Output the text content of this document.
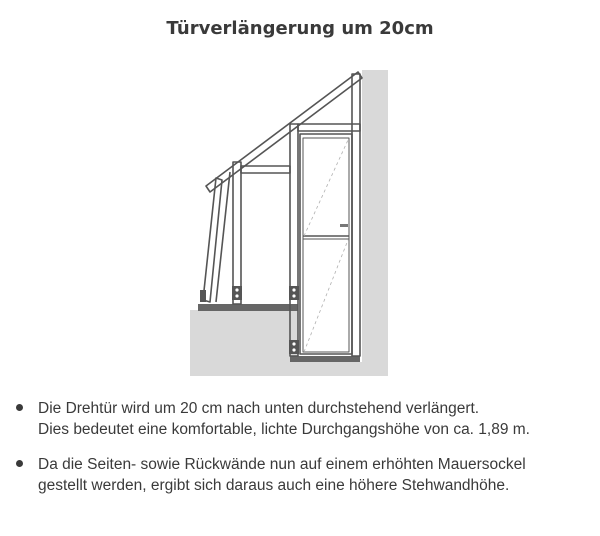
Türverlängerung um 20cm
Die Drehtür wird um 20 cm nach unten durchstehend verlängert.
Dies bedeutet eine komfortable, lichte Durchgangshöhe von ca. 1,89 m.
Da die Seiten- sowie Rückwände nun auf einem erhöhten Mauersockel
gestellt werden, ergibt sich daraus auch eine höhere Stehwandhöhe.
